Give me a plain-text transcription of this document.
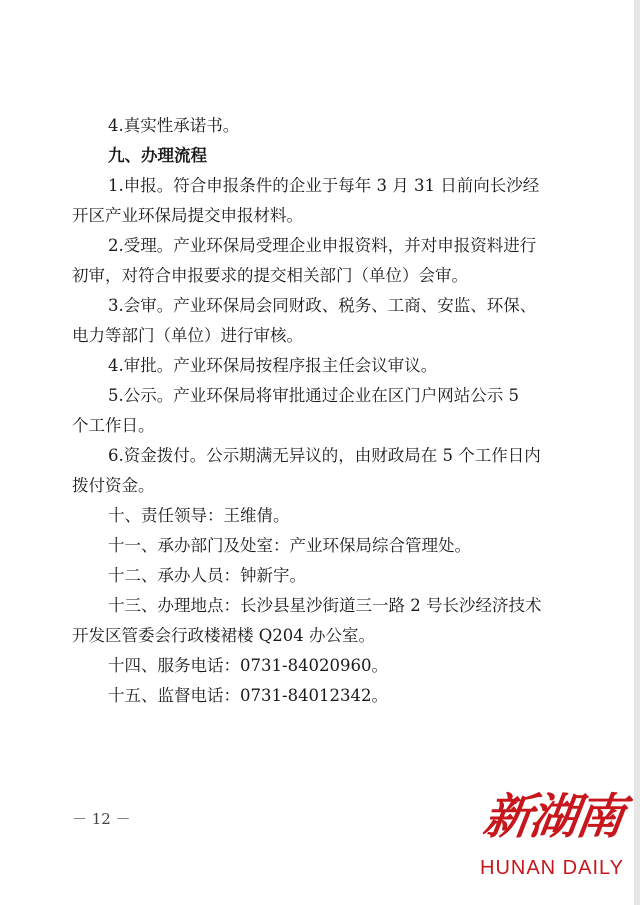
4.真实性承诺书。
九、办理流程
1.申报。符合申报条件的企业于每年 3 月 31 日前向长沙经
开区产业环保局提交申报材料。
2.受理。产业环保局受理企业申报资料，并对申报资料进行
初审，对符合申报要求的提交相关部门（单位）会审。
3.会审。产业环保局会同财政、税务、工商、安监、环保、
电力等部门（单位）进行审核。
4.审批。产业环保局按程序报主任会议审议。
5.公示。产业环保局将审批通过企业在区门户网站公示 5
个工作日。
6.资金拨付。公示期满无异议的，由财政局在 5 个工作日内
拨付资金。
十、责任领导：王维倩。
十一、承办部门及处室：产业环保局综合管理处。
十二、承办人员：钟新宇。
十三、办理地点：长沙县星沙街道三一路 2 号长沙经济技术
开发区管委会行政楼裙楼 Q204 办公室。
十四、服务电话：0731-84020960。
十五、监督电话：0731-84012342。
－ 12 －	新湖南
HUNAN DAILY
